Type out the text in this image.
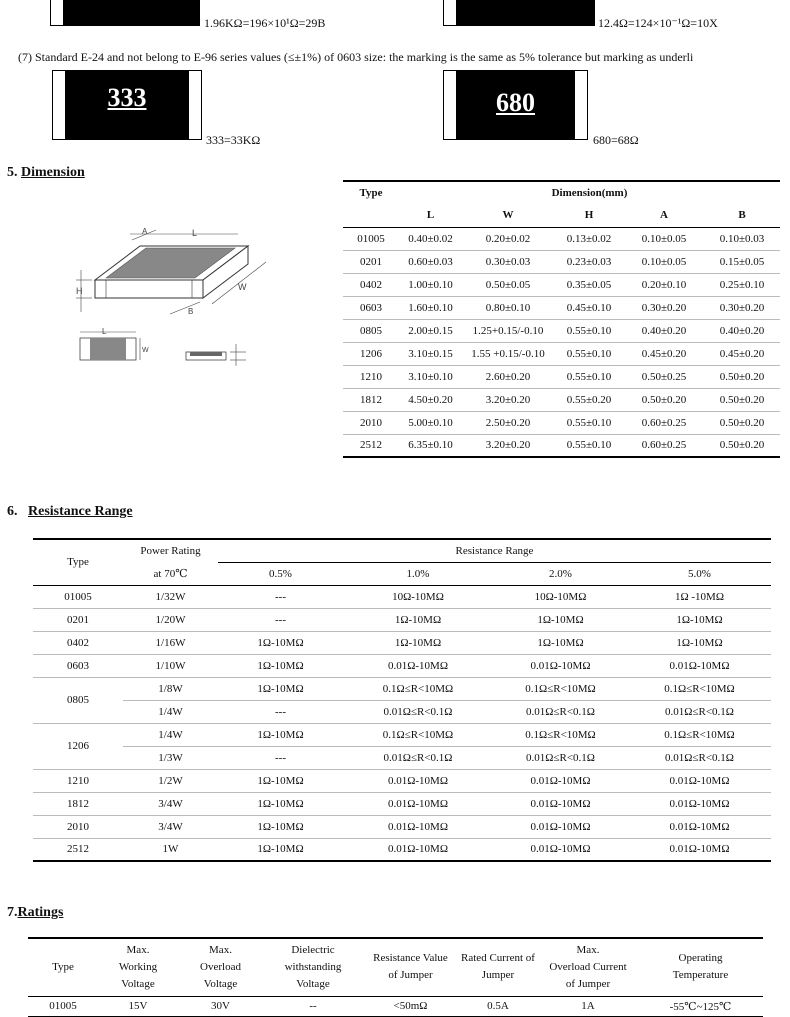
1.96KΩ=196×10¹Ω=29B	12.4Ω=124×10⁻¹Ω=10X
(7) Standard E-24 and not belong to E-96 series values (≤±1%) of 0603 size: the marking is the same as 5% tolerance but marking as underli
333
333=33KΩ
680
680=68Ω
5. Dimension
L
A
W
B
H
L
W
Type	Dimension(mm)				
	L	W	H	A	B
01005	0.40±0.02	0.20±0.02	0.13±0.02	0.10±0.05	0.10±0.03
0201	0.60±0.03	0.30±0.03	0.23±0.03	0.10±0.05	0.15±0.05
0402	1.00±0.10	0.50±0.05	0.35±0.05	0.20±0.10	0.25±0.10
0603	1.60±0.10	0.80±0.10	0.45±0.10	0.30±0.20	0.30±0.20
0805	2.00±0.15	1.25+0.15/-0.10	0.55±0.10	0.40±0.20	0.40±0.20
1206	3.10±0.15	1.55 +0.15/-0.10	0.55±0.10	0.45±0.20	0.45±0.20
1210	3.10±0.10	2.60±0.20	0.55±0.10	0.50±0.25	0.50±0.20
1812	4.50±0.20	3.20±0.20	0.55±0.20	0.50±0.20	0.50±0.20
2010	5.00±0.10	2.50±0.20	0.55±0.10	0.60±0.25	0.50±0.20
2512	6.35±0.10	3.20±0.20	0.55±0.10	0.60±0.25	0.50±0.20
6. Resistance Range
Type	Power Rating	Resistance Range			
	at 70℃	0.5%	1.0%	2.0%	5.0%
01005	1/32W	---	10Ω-10MΩ	10Ω-10MΩ	1Ω -10MΩ
0201	1/20W	---	1Ω-10MΩ	1Ω-10MΩ	1Ω-10MΩ
0402	1/16W	1Ω-10MΩ	1Ω-10MΩ	1Ω-10MΩ	1Ω-10MΩ
0603	1/10W	1Ω-10MΩ	0.01Ω-10MΩ	0.01Ω-10MΩ	0.01Ω-10MΩ
0805	1/8W	1Ω-10MΩ	0.1Ω≤R<10MΩ	0.1Ω≤R<10MΩ	0.1Ω≤R<10MΩ
	1/4W	---	0.01Ω≤R<0.1Ω	0.01Ω≤R<0.1Ω	0.01Ω≤R<0.1Ω
1206	1/4W	1Ω-10MΩ	0.1Ω≤R<10MΩ	0.1Ω≤R<10MΩ	0.1Ω≤R<10MΩ
	1/3W	---	0.01Ω≤R<0.1Ω	0.01Ω≤R<0.1Ω	0.01Ω≤R<0.1Ω
1210	1/2W	1Ω-10MΩ	0.01Ω-10MΩ	0.01Ω-10MΩ	0.01Ω-10MΩ
1812	3/4W	1Ω-10MΩ	0.01Ω-10MΩ	0.01Ω-10MΩ	0.01Ω-10MΩ
2010	3/4W	1Ω-10MΩ	0.01Ω-10MΩ	0.01Ω-10MΩ	0.01Ω-10MΩ
2512	1W	1Ω-10MΩ	0.01Ω-10MΩ	0.01Ω-10MΩ	0.01Ω-10MΩ
7.Ratings
Type	Max.
Working
Voltage	Max.
Overload
Voltage	Dielectric
withstanding
Voltage	Resistance Value
of Jumper	Rated Current of
Jumper	Max.
Overload Current
of Jumper	Operating
Temperature
01005	15V	30V	--	<50mΩ	0.5A	1A	-55℃~125℃
